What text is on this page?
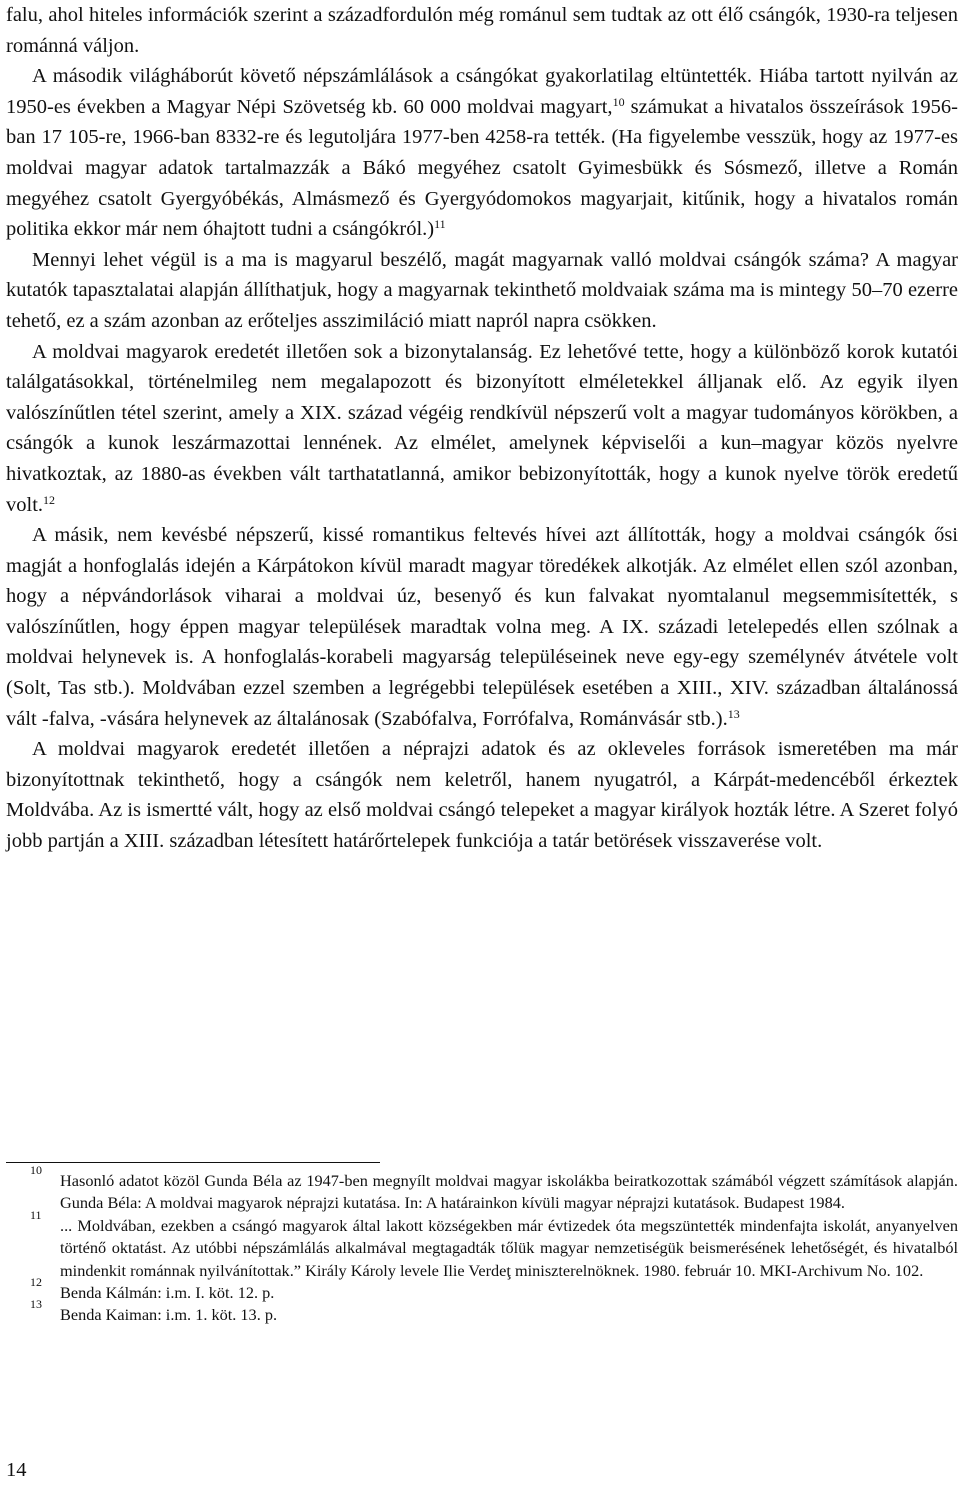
falu, ahol hiteles információk szerint a századfordulón még románul sem tudtak az ott élő csángók, 1930-ra teljesen románná váljon.

A második világháborút követő népszámlálások a csángókat gyakorlatilag eltüntették. Hiába tartott nyilván az 1950-es években a Magyar Népi Szövetség kb. 60 000 moldvai magyart,$^{10}$ számukat a hivatalos összeírások 1956-ban 17 105-re, 1966-ban 8332-re és legutoljára 1977-ben 4258-ra tették. (Ha figyelembe vesszük, hogy az 1977-es moldvai magyar adatok tartalmazzák a Bákó megyéhez csatolt Gyimesbükk és Sósmező, illetve a Román megyéhez csatolt Gyergyóbékás, Almásmező és Gyergyódomokos magyarjait, kitűnik, hogy a hivatalos román politika ekkor már nem óhajtott tudni a csángókról.)$^{11}$

Mennyi lehet végül is a ma is magyarul beszélő, magát magyarnak valló moldvai csángók száma? A magyar kutatók tapasztalatai alapján állíthatjuk, hogy a magyarnak tekinthető moldvaiak száma ma is mintegy 50–70 ezerre tehető, ez a szám azonban az erőteljes asszimiláció miatt napról napra csökken.

A moldvai magyarok eredetét illetően sok a bizonytalanság. Ez lehetővé tette, hogy a különböző korok kutatói találgatásokkal, történelmileg nem megalapozott és bizonyított elméletekkel álljanak elő. Az egyik ilyen valószínűtlen tétel szerint, amely a XIX. század végéig rendkívül népszerű volt a magyar tudományos körökben, a csángók a kunok leszármazottai lennének. Az elmélet, amelynek képviselői a kun–magyar közös nyelvre hivatkoztak, az 1880-as években vált tarthatatlanná, amikor bebizonyították, hogy a kunok nyelve török eredetű volt.$^{12}$

A másik, nem kevésbé népszerű, kissé romantikus feltevés hívei azt állították, hogy a moldvai csángók ősi magját a honfoglalás idején a Kárpátokon kívül maradt magyar töredékek alkotják. Az elmélet ellen szól azonban, hogy a népvándorlások viharai a moldvai úz, besenyő és kun falvakat nyomtalanul megsemmisítették, s valószínűtlen, hogy éppen magyar települések maradtak volna meg. A IX. századi letelepedés ellen szólnak a moldvai helynevek is. A honfoglalás-korabeli magyarság településeinek neve egy-egy személynév átvétele volt (Solt, Tas stb.). Moldvában ezzel szemben a legrégebbi települések esetében a XIII., XIV. században általánossá vált -falva, -vására helynevek az általánosak (Szabófalva, Forrófalva, Románvásár stb.).$^{13}$

A moldvai magyarok eredetét illetően a néprajzi adatok és az okleveles források ismeretében ma már bizonyítottnak tekinthető, hogy a csángók nem keletről, hanem nyugatról, a Kárpát-medencéből érkeztek Moldvába. Az is ismertté vált, hogy az első moldvai csángó telepeket a magyar királyok hozták létre. A Szeret folyó jobb partján a XIII. században létesített határőrtelepek funkciója a tatár betörések visszaverése volt.

10
Hasonló adatot közöl Gunda Béla az 1947-ben megnyílt moldvai magyar iskolákba beiratkozottak számából végzett számítások alapján. Gunda Béla: A moldvai magyarok néprajzi kutatása. In: A határainkon kívüli magyar néprajzi kutatások. Budapest 1984.
11
... Moldvában, ezekben a csángó magyarok által lakott községekben már évtizedek óta megszüntették mindenfajta iskolát, anyanyelven történő oktatást. Az utóbbi népszámlálás alkalmával megtagadták tőlük magyar nemzetiségük beismerésének lehetőségét, és hivatalból mindenkit románnak nyilvánítottak.” Király Károly levele Ilie Verdeţ miniszterelnöknek. 1980. február 10. MKI-Archivum No. 102.
12
Benda Kálmán: i.m. I. köt. 12. p.
13
Benda Kaiman: i.m. 1. köt. 13. p.
14
